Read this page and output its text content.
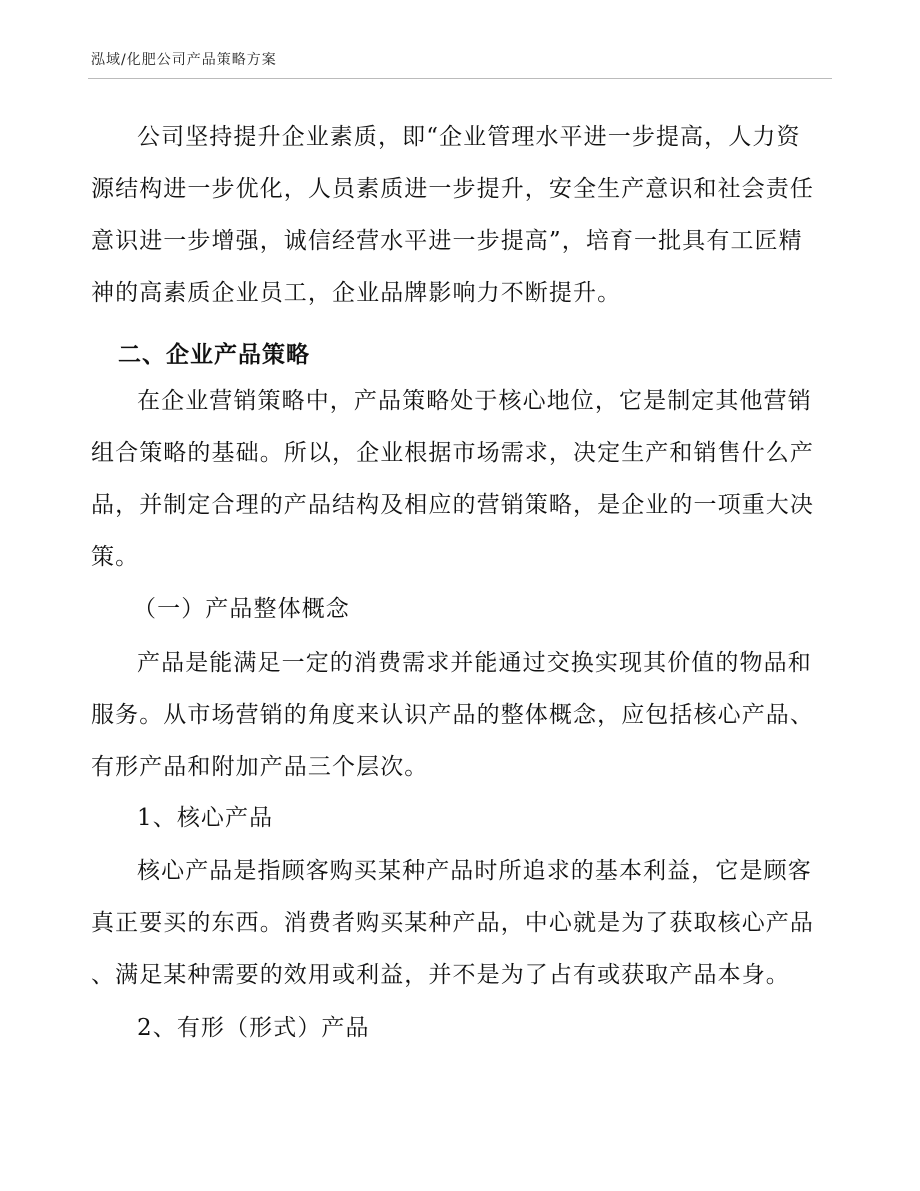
泓域/化肥公司产品策略方案
公司坚持提升企业素质，即“企业管理水平进一步提高，人力资
源结构进一步优化，人员素质进一步提升，安全生产意识和社会责任
意识进一步增强，诚信经营水平进一步提高”，培育一批具有工匠精
神的高素质企业员工，企业品牌影响力不断提升。
二、企业产品策略
在企业营销策略中，产品策略处于核心地位，它是制定其他营销
组合策略的基础。所以，企业根据市场需求，决定生产和销售什么产
品，并制定合理的产品结构及相应的营销策略，是企业的一项重大决
策。
（一）产品整体概念
产品是能满足一定的消费需求并能通过交换实现其价值的物品和
服务。从市场营销的角度来认识产品的整体概念，应包括核心产品、
有形产品和附加产品三个层次。
1、核心产品
核心产品是指顾客购买某种产品时所追求的基本利益，它是顾客
真正要买的东西。消费者购买某种产品，中心就是为了获取核心产品
、满足某种需要的效用或利益，并不是为了占有或获取产品本身。
2、有形（形式）产品
